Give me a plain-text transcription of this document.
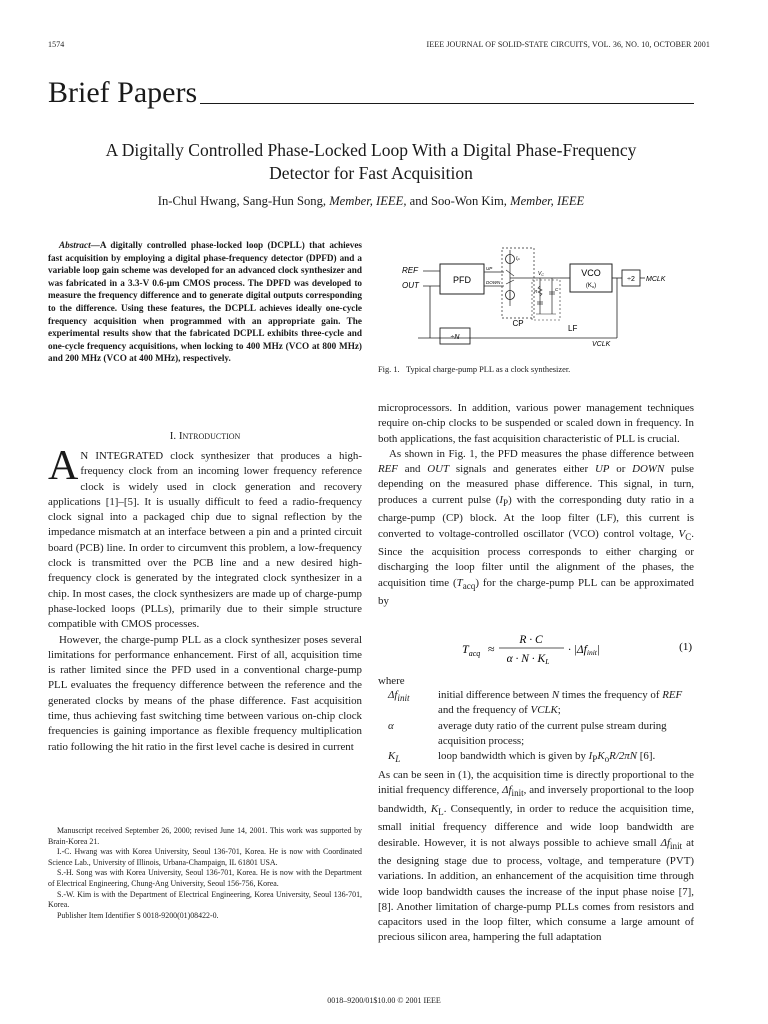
1574	IEEE JOURNAL OF SOLID-STATE CIRCUITS, VOL. 36, NO. 10, OCTOBER 2001
Brief Papers
A Digitally Controlled Phase-Locked Loop With a Digital Phase-Frequency
Detector for Fast Acquisition
In-Chul Hwang, Sang-Hun Song, Member, IEEE, and Soo-Won Kim, Member, IEEE
Abstract—A digitally controlled phase-locked loop (DCPLL) that achieves fast acquisition by employing a digital phase-frequency detector (DPFD) and a variable loop gain scheme was developed for an advanced clock synthesizer and was fabricated in a 3.3-V 0.6-μm CMOS process. The DPFD was developed to measure the frequency difference and to generate digital outputs corresponding to the difference. Using these features, the DCPLL achieves ideally one-cycle frequency acquisition when programmed with an appropriate gain. The experimental results show that the fabricated DCPLL exhibits three-cycle and one-cycle frequency acquisitions, when locking to 400 MHz (VCO at 800 MHz) and 200 MHz (VCO at 400 MHz), respectively.
I. Introduction

A N INTEGRATED clock synthesizer that produces a high-frequency clock from an incoming lower frequency reference clock is widely used in clock generation and recovery applications [1]–[5]. It is usually difficult to feed a radio-frequency clock signal into a packaged chip due to signal reflection by the impedance mismatch at an interface between a pin and a printed circuit board (PCB) line. In order to circumvent this problem, a low-frequency clock is transmitted over the PCB line and a new desired high-frequency clock is generated by the integrated clock synthesizer in a chip. In most cases, the clock synthesizers are made up of charge-pump phase-locked loops (PLLs), primarily due to their simple structure compatible with CMOS processes.

However, the charge-pump PLL as a clock synthesizer poses several limitations for performance enhancement. First of all, acquisition time is rather limited since the PFD used in a conventional charge-pump PLL evaluates the frequency difference between the reference and the generated clocks by means of the phase difference. Fast acquisition time, thus achieving fast switching time between various on-chip clock frequencies is gaining importance as flexible frequency multiplication ratio following the hit ratio in the first level cache is desired in current

Manuscript received September 26, 2000; revised June 14, 2001. This work was supported by Brain-Korea 21.

I.-C. Hwang was with Korea University, Seoul 136-701, Korea. He is now with Coordinated Science Lab., University of Illinois, Urbana-Champaign, IL 61801 USA.

S.-H. Song was with Korea University, Seoul 136-701, Korea. He is now with the Department of Electrical Engineering, Chung-Ang University, Seoul 156-756, Korea.

S.-W. Kim is with the Department of Electrical Engineering, Korea University, Seoul 136-701, Korea.

Publisher Item Identifier S 0018-9200(01)08422-0.

REF
OUT
PFD
UP
DOWN
$I_P$
CP
$V_C$
R	C
LF
VCO
(Ko)
÷2 MCLK
VCLK
÷N
Fig. 1. Typical charge-pump PLL as a clock synthesizer.

microprocessors. In addition, various power management techniques require on-chip clocks to be suspended or scaled down in frequency. In both applications, the fast acquisition characteristic of PLL is crucial.

As shown in Fig. 1, the PFD measures the phase difference between REF and OUT signals and generates either UP or DOWN pulse depending on the measured phase difference. This signal, in turn, produces a current pulse $(I_P)$ with the corresponding duty ratio in a charge-pump (CP) block. At the loop filter (LF), this current is converted to voltage-controlled oscillator (VCO) control voltage, $V_C$. Since the acquisition process corresponds to either charging or discharging the loop filter until the alignment of the phases, the acquisition time $(T_{acq})$ for the charge-pump PLL can be approximated by

$T_{acq}$ ≈
R · C
α · N · KL
· |Δfinit|	(1)
where
$\Delta f_{init}$	initial difference between N times the frequency of REF and the frequency of VCLK;
α	average duty ratio of the current pulse stream during acquisition process;
$K_L$	loop bandwidth which is given by $I_PK_oR/2\pi N$ [6].

As can be seen in (1), the acquisition time is directly proportional to the initial frequency difference, $\Delta f_{init}$, and inversely proportional to the loop bandwidth, $K_L$. Consequently, in order to reduce the acquisition time, small initial frequency difference and wide loop bandwidth are desirable. However, it is not always possible to achieve small $\Delta f_{init}$ at the designing stage due to process, voltage, and temperature (PVT) variations. In addition, an enhancement of the acquisition time through wide loop bandwidth causes the increase of the input phase noise [7], [8]. Another limitation of charge-pump PLLs comes from resistors and capacitors used in the loop filter, which consume a large amount of precious silicon area, hampering the full adaptation

0018–9200/01$10.00 © 2001 IEEE
